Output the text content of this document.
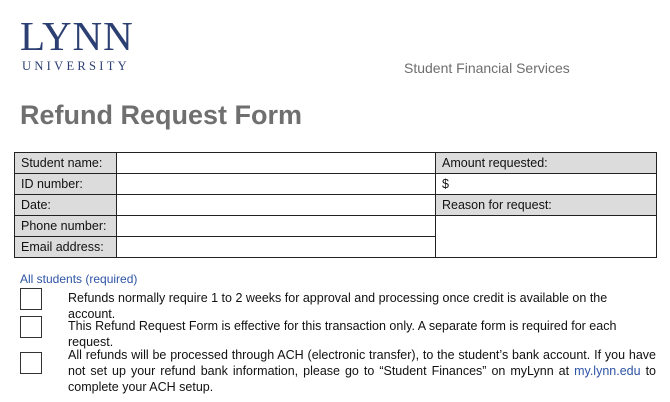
LYNN
UNIVERSITY	Student Financial Services
Refund Request Form
Student name:		Amount requested:
ID number:		$
Date:		Reason for request:
Phone number:		
Email address:		
All students (required)
Refunds normally require 1 to 2 weeks for approval and processing once credit is available on the account.
This Refund Request Form is effective for this transaction only. A separate form is required for each request.
All refunds will be processed through ACH (electronic transfer), to the student’s bank account. If you have not set up your refund bank information, please go to “Student Finances” on myLynn at my.lynn.edu to complete your ACH setup.
